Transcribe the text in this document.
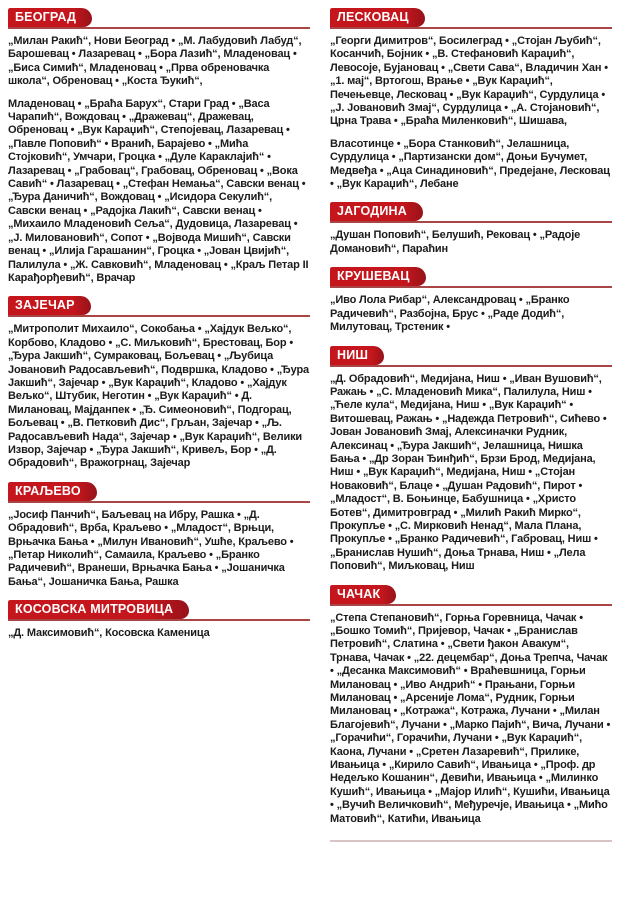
БЕОГРАД

„Милан Ракић“, Нови Београд • „М. Лабудовић Лабуд“, Барошевац • Лазаревац • „Бора Лазић“, Младеновац • „Биса Симић“, Младеновац • „Прва обреновачка школа“, Обреновац • „Коста Ђукић“,

Младеновац • „Браћа Барух“, Стари Град • „Васа Чарапић“, Вождовац • „Дражевац“, Дражевац, Обреновац • „Вук Караџић“, Степојевац, Лазаревац • „Павле Поповић“ • Вранић, Барајево • „Мића Стојковић“, Умчари, Гроцка • „Дуле Караклајић“ • Лазаревац • „Грабовац“, Грабовац, Обреновац • „Вока Савић“ • Лазаревац • „Стефан Немања“, Савски венац • „Ђура Даничић“, Вождовац • „Исидора Секулић“, Савски венац • „Радојка Лакић“, Савски венац • „Михаило Младеновић Сеља“, Дудовица, Лазаревац • „Ј. Миловановић“, Сопот • „Војвода Мишић“, Савски венац • „Илија Гарашанин“, Гроцка • „Јован Цвијић“, Палилула • „Ж. Савковић“, Младеновац • „Краљ Петар II Карађорђевић“, Врачар

ЗАЈЕЧАР

„Митрополит Михаило“, Сокобања • „Хајдук Вељко“, Корбово, Кладово • „С. Миљковић“, Брестовац, Бор • „Ђура Јакшић“, Сумраковац, Бољевац • „Љубица Јовановић Радосављевић“, Подвршка, Кладово • „Ђура Јакшић“, Зајечар • „Вук Караџић“, Кладово • „Хајдук Вељко“, Штубик, Неготин • „Вук Караџић“ • Д. Милановац, Мајданпек • „Ђ. Симеоновић“, Подгорац, Бољевац • „В. Петковић Дис“, Грљан, Зајечар • „Љ. Радосављевић Нада“, Зајечар • „Вук Караџић“, Велики Извор, Зајечар • „Ђура Јакшић“, Кривељ, Бор • „Д. Обрадовић“, Вражогрнац, Зајечар

КРАЉЕВО

„Јосиф Панчић“, Баљевац на Ибру, Рашка • „Д. Обрадовић“, Врба, Краљево • „Младост“, Врњци, Врњачка Бања • „Милун Ивановић“, Ушће, Краљево • „Петар Николић“, Самаила, Краљево • „Бранко Радичевић“, Вранеши, Врњачка Бања • „Јошаничка Бања“, Јошаничка Бања, Рашка

КОСОВСКА МИТРОВИЦА

„Д. Максимовић“, Косовска Каменица

ЛЕСКОВАЦ

„Георги Димитров“, Босилеград • „Стојан Љубић“, Косанчић, Бојник • „В. Стефановић Караџић“, Левосоје, Бујановац • „Свети Сава“, Владичин Хан • „1. мај“, Вртогош, Врање • „Вук Караџић“, Печењевце, Лесковац • „Вук Караџић“, Сурдулица • „Ј. Јовановић Змај“, Сурдулица • „А. Стојановић“, Црна Трава • „Браћа Миленковић“, Шишава,

Власотинце • „Бора Станковић“, Јелашница, Сурдулица • „Партизански дом“, Доњи Бучумет, Медвеђа • „Аца Синадиновић“, Предејане, Лесковац • „Вук Караџић“, Лебане

ЈАГОДИНА

„Душан Поповић“, Белушић, Рековац • „Радоје Домановић“, Параћин

КРУШЕВАЦ

„Иво Лола Рибар“, Александровац • „Бранко Радичевић“, Разбојна, Брус • „Раде Додић“, Милутовац, Трстеник •

НИШ

„Д. Обрадовић“, Медијана, Ниш • „Иван Вушовић“, Ражањ • „С. Младеновић Мика“, Палилула, Ниш • „Ћеле кула“, Медијана, Ниш • „Вук Караџић“ • Витошевац, Ражањ • „Надежда Петровић“, Сићево • Јован Јовановић Змај, Алексиначки Рудник, Алексинац • „Ђура Јакшић“, Јелашница, Нишка Бања • „Др Зоран Ђинђић“, Брзи Брод, Медијана, Ниш • „Вук Караџић“, Медијана, Ниш • „Стојан Новаковић“, Блаце • „Душан Радовић“, Пирот • „Младост“, В. Боњинце, Бабушница • „Христо Ботев“, Димитровград • „Милић Ракић Мирко“, Прокупље • „С. Мирковић Ненад“, Мала Плана, Прокупље • „Бранко Радичевић“, Габровац, Ниш • „Бранислав Нушић“, Доња Трнава, Ниш • „Лела Поповић“, Миљковац, Ниш

ЧАЧАК

„Степа Степановић“, Горња Горевница, Чачак • „Бошко Томић“, Пријевор, Чачак • „Бранислав Петровић“, Слатина • „Свети ђакон Авакум“, Трнава, Чачак • „22. децембар“, Доња Трепча, Чачак • „Десанка Максимовић“ • Враћевшница, Горњи Милановац • „Иво Андрић“ • Прањани, Горњи Милановац • „Арсеније Лома“, Рудник, Горњи Милановац • „Котража“, Котража, Лучани • „Милан Благојевић“, Лучани • „Марко Пајић“, Вича, Лучани • „Горачићи“, Горачићи, Лучани • „Вук Караџић“, Каона, Лучани • „Сретен Лазаревић“, Прилике, Ивањица • „Кирило Савић“, Ивањица • „Проф. др Недељко Кошанин“, Девићи, Ивањица • „Милинко Кушић“, Ивањица • „Мајор Илић“, Кушићи, Ивањица • „Вучић Величковић“, Међуречје, Ивањица • „Мићо Матовић“, Катићи, Ивањица
